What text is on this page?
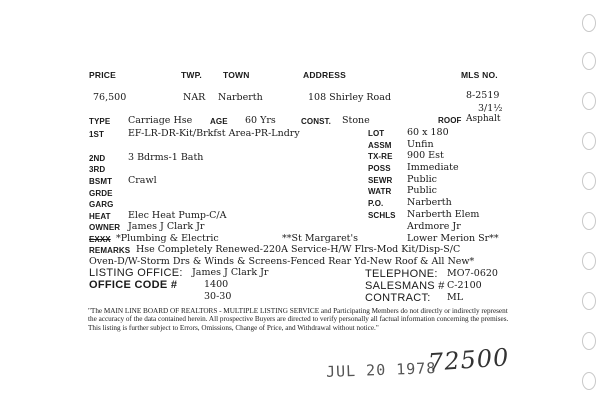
PRICE	TWP. TOWN	ADDRESS	MLS NO.
76,500	NAR Narberth	108 Shirley Road	8-2519
3/1½
TYPE Carriage Hse AGE 60 Yrs	CONST. Stone	ROOF Asphalt
1ST	EF-LR-DR-Kit/Brkfst Area-PR-Lndry
2ND 3 Bdrms-1 Bath
3RD
BSMT Crawl
GRDE
GARG
HEAT Elec Heat Pump-C/A
OWNER James J Clark Jr
LOT 60 x 180
ASSM Unfin
TX-RE 900 Est
POSS Immediate
SEWR Public
WATR Public
P.O. Narberth
SCHLS Narberth Elem
Ardmore Jr
EXXX *Plumbing & Electric	**St Margaret's	Lower Merion Sr**
REMARKS Hse Completely Renewed-220A Service-H/W Flrs-Mod Kit/Disp-S/C
Oven-D/W-Storm Drs & Winds & Screens-Fenced Rear Yd-New Roof & All New*
LISTING OFFICE: James J Clark Jr
OFFICE CODE #	1400
30-30
TELEPHONE: MO7-0620
SALESMANS # C-2100
CONTRACT: ML
"The MAIN LINE BOARD OF REALTORS - MULTIPLE LISTING SERVICE and Participating Members do not directly or indirectly represent the accuracy of the data contained herein. All prospective Buyers are directed to verify personally all factual information concerning the premises. This listing is further subject to Errors, Omissions, Change of Price, and Withdrawal without notice."
JUL 20 1978
72500
